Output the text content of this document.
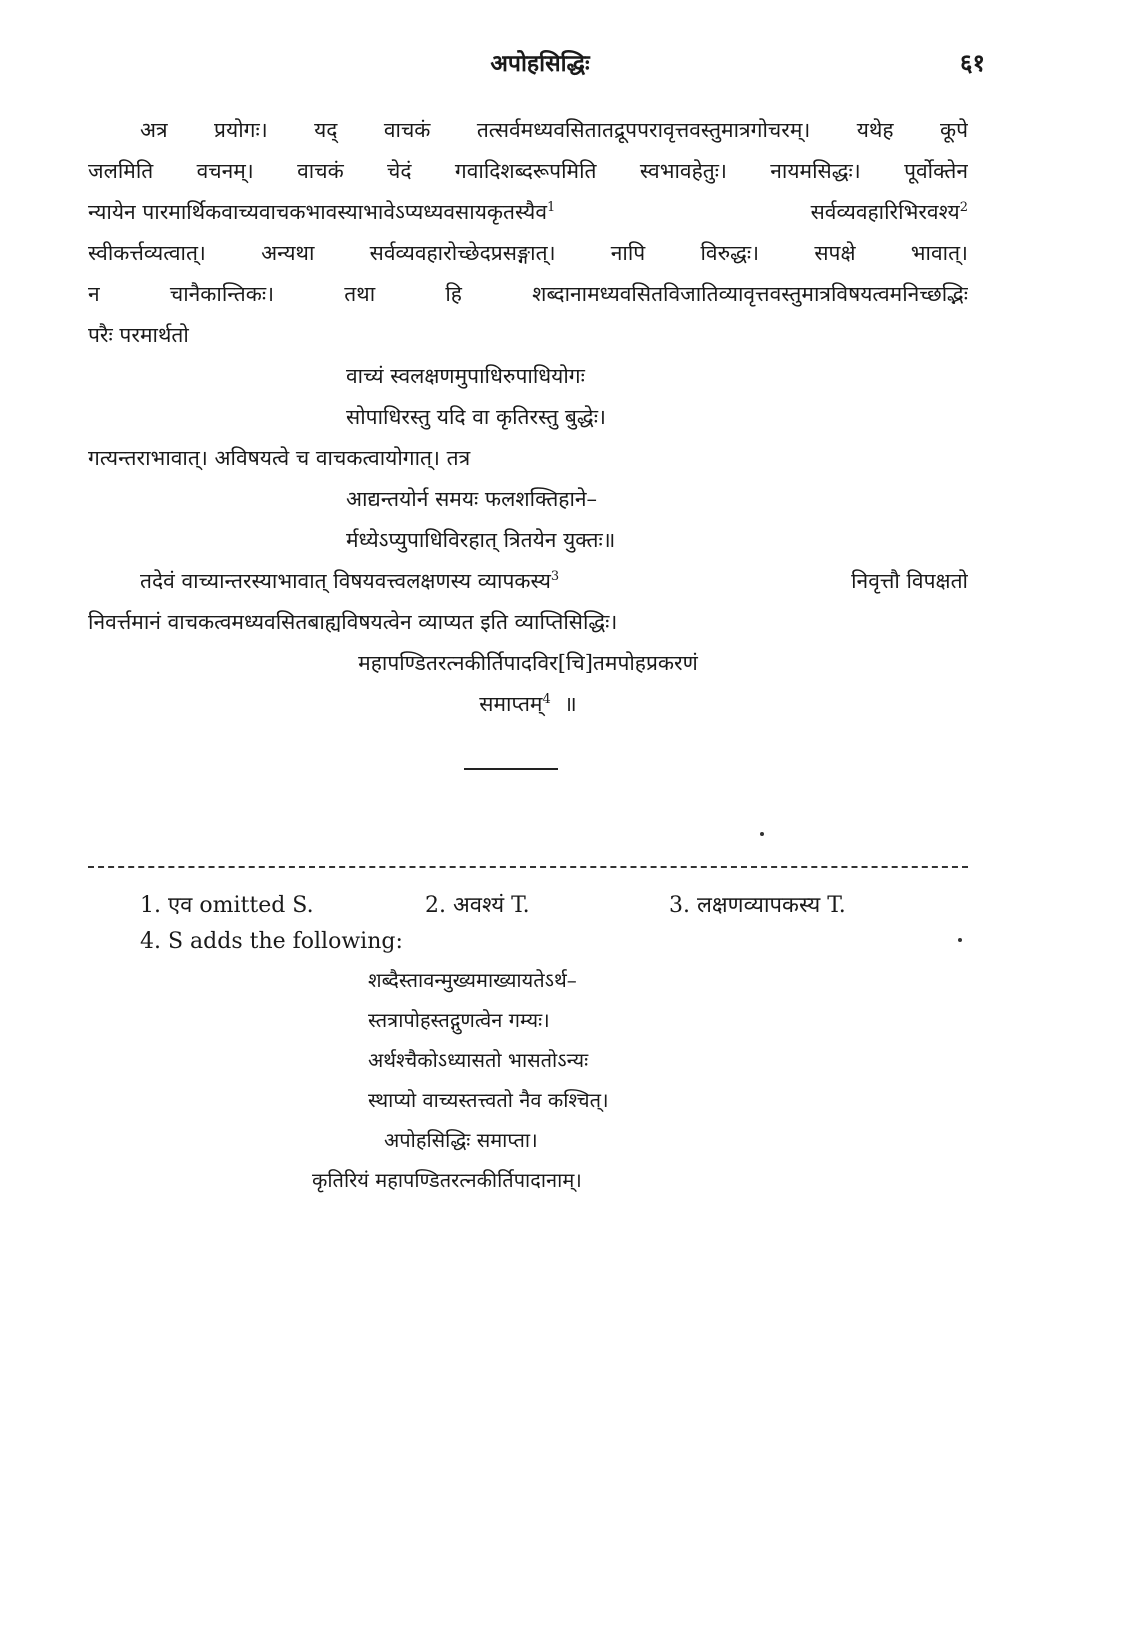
अपोहसिद्धिः	६१
अत्र प्रयोगः। यद् वाचकं तत्सर्वमध्यवसितातद्रूपपरावृत्तवस्तुमात्रगोचरम्। यथेह कूपे
जलमिति वचनम्। वाचकं चेदं गवादिशब्दरूपमिति स्वभावहेतुः। नायमसिद्धः। पूर्वोक्तेन
न्यायेन पारमार्थिकवाच्यवाचकभावस्याभावेऽप्यध्यवसायकृतस्यैव$^1$	सर्वव्यवहारिभिरवश्य$^2$
स्वीकर्त्तव्यत्वात्। अन्यथा सर्वव्यवहारोच्छेदप्रसङ्गात्। नापि विरुद्धः। सपक्षे भावात्।
न चानैकान्तिकः। तथा हि शब्दानामध्यवसितविजातिव्यावृत्तवस्तुमात्रविषयत्वमनिच्छद्भिः
परैः परमार्थतो
वाच्यं स्वलक्षणमुपाधिरुपाधियोगः
सोपाधिरस्तु यदि वा कृतिरस्तु बुद्धेः।
गत्यन्तराभावात्। अविषयत्वे च वाचकत्वायोगात्। तत्र
आद्यन्तयोर्न समयः फलशक्तिहाने–
र्मध्येऽप्युपाधिविरहात् त्रितयेन युक्तः॥
तदेवं वाच्यान्तरस्याभावात् विषयवत्त्वलक्षणस्य व्यापकस्य$^3$	निवृत्तौ विपक्षतो
निवर्त्तमानं वाचकत्वमध्यवसितबाह्यविषयत्वेन व्याप्यत इति व्याप्तिसिद्धिः।
महापण्डितरत्नकीर्तिपादविर[चि]तमपोहप्रकरणं
समाप्तम्$^4$ ॥
1. एव omitted S.	2. अवश्यं T.	3. लक्षणव्यापकस्य T.
4. S adds the following:
शब्दैस्तावन्मुख्यमाख्यायतेऽर्थ–
स्तत्रापोहस्तद्गुणत्वेन गम्यः।
अर्थश्चैकोऽध्यासतो भासतोऽन्यः
स्थाप्यो वाच्यस्तत्त्वतो नैव कश्चित्।
अपोहसिद्धिः समाप्ता।
कृतिरियं महापण्डितरत्नकीर्तिपादानाम्।
